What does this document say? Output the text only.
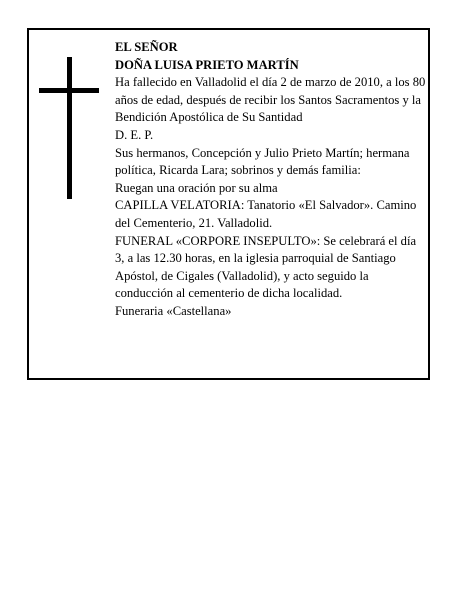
EL SEÑOR

DOÑA LUISA PRIETO MARTÍN

Ha fallecido en Valladolid el día 2 de marzo de 2010, a los 80 años de edad, después de recibir los Santos Sacramentos y la Bendición Apostólica de Su Santidad

D. E. P.

Sus hermanos, Concepción y Julio Prieto Martín; hermana política, Ricarda Lara; sobrinos y demás familia:

Ruegan una oración por su alma

CAPILLA VELATORIA: Tanatorio «El Salvador». Camino del Cementerio, 21. Valladolid.

FUNERAL «CORPORE INSEPULTO»: Se celebrará el día 3, a las 12.30 horas, en la iglesia parroquial de Santiago Apóstol, de Cigales (Valladolid), y acto seguido la conducción al cementerio de dicha localidad.

Funeraria «Castellana»
